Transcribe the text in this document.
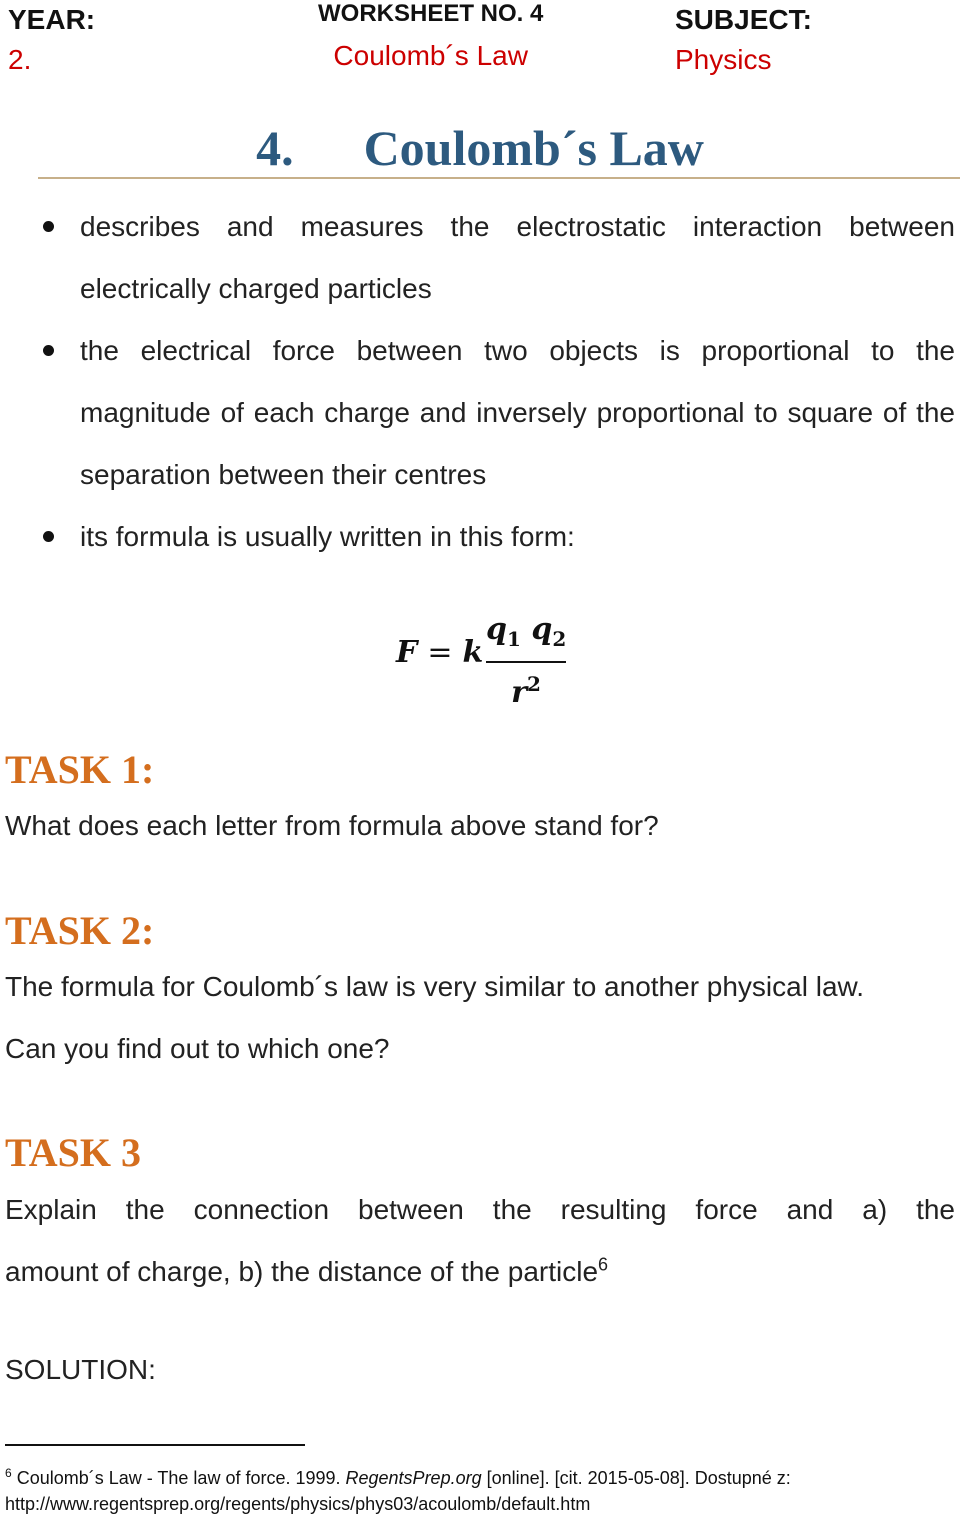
YEAR:
2.
WORKSHEET NO. 4
Coulomb´s Law
SUBJECT:
Physics
4. Coulomb´s Law
describes and measures the electrostatic interaction between electrically charged particles
the electrical force between two objects is proportional to the magnitude of each charge and inversely proportional to square of the separation between their centres
its formula is usually written in this form:
F = k
$q_1$ $q_2$
$r^2$
TASK 1:
What does each letter from formula above stand for?
TASK 2:
The formula for Coulomb´s law is very similar to another physical law.
Can you find out to which one?
TASK 3
Explain the connection between the resulting force and a) the
amount of charge, b) the distance of the particle$^6$
SOLUTION:
$^6$ Coulomb´s Law - The law of force. 1999. RegentsPrep.org [online]. [cit. 2015-05-08]. Dostupné z:
http://www.regentsprep.org/regents/physics/phys03/acoulomb/default.htm
